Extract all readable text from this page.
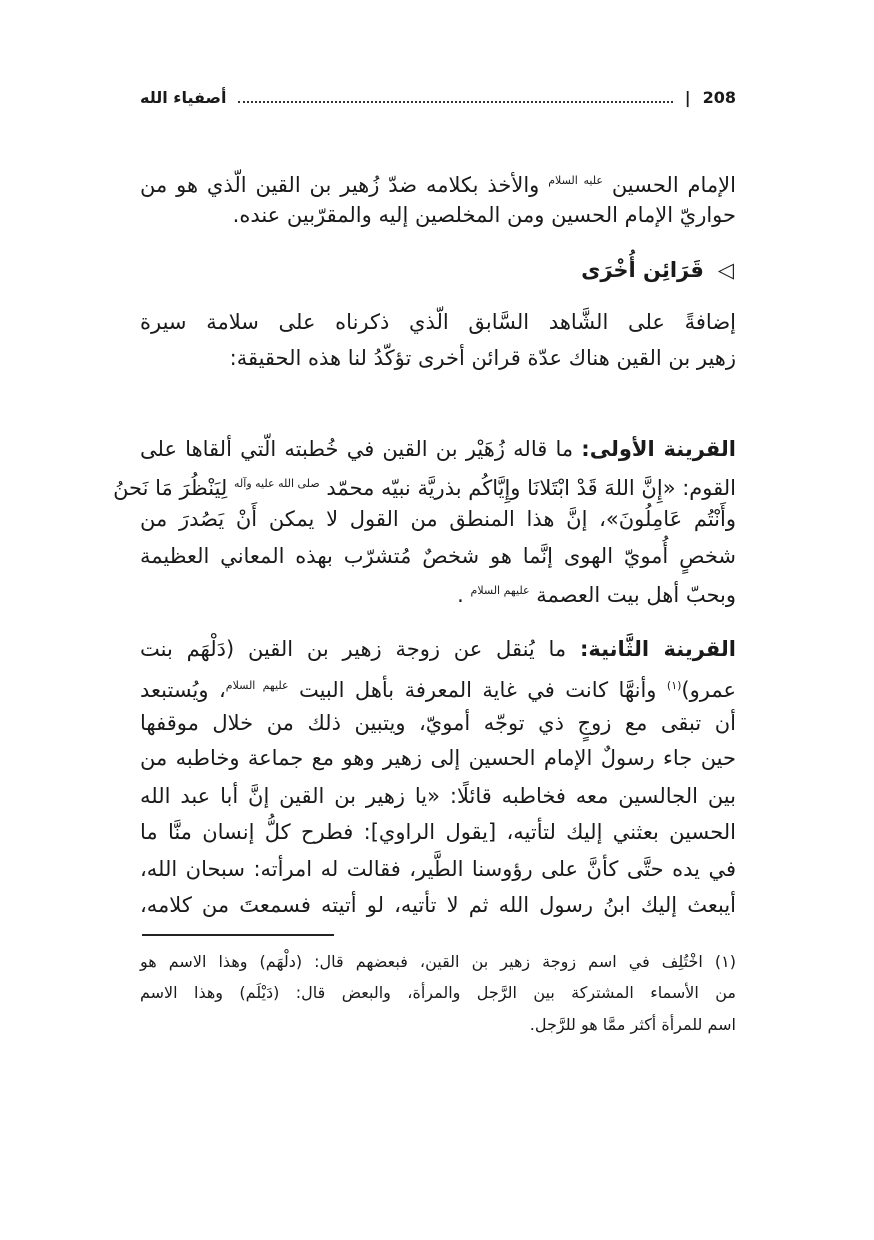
208
|
أصفياء الله
الإمام الحسين $^{عليه السلام}$ والأخذ بكلامه ضدّ زُهير بن القين الّذي هو من
حواريّ الإمام الحسين ومن المخلصين إليه والمقرّبين عنده.
◁قَرَائِن أُخْرَى
إضافةً على الشَّاهد السَّابق الّذي ذكرناه على سلامة سيرة
زهير بن القين هناك عدّة قرائن أخرى تؤكّدُ لنا هذه الحقيقة:
القرينة الأولى: ما قاله زُهَيْر بن القين في خُطبته الّتي ألقاها على
القوم: «إِنَّ اللهَ قَدْ ابْتَلانَا وإِيَّاكُم بذريَّة نبيّه محمّد $^{صلى الله عليه وآله}$ لِيَنْظُرَ مَا نَحنُ
وأَنْتُم عَامِلُونَ»، إنَّ هذا المنطق من القول لا يمكن أَنْ يَصُدرَ من
شخصٍ أُمويّ الهوى إنَّما هو شخصٌ مُتشرّب بهذه المعاني العظيمة
وبحبّ أهل بيت العصمة $^{عليهم السلام}$ .
القرينة الثَّانية: ما يُنقل عن زوجة زهير بن القين (دَلْهَم بنت
عمرو)$^{(١)}$ وأنهَّا كانت في غاية المعرفة بأهل البيت $^{عليهم السلام}$، ويُستبعد
أن تبقى مع زوجٍ ذي توجّه أمويّ، ويتبين ذلك من خلال موقفها
حين جاء رسولٌ الإمام الحسين إلى زهير وهو مع جماعة وخاطبه من
بين الجالسين معه فخاطبه قائلًا: «يا زهير بن القين إنَّ أبا عبد الله
الحسين بعثني إليك لتأتيه، [يقول الراوي]: فطرح كلُّ إنسان منَّا ما
في يده حتَّى كأنَّ على رؤوسنا الطَّير، فقالت له امرأته: سبحان الله،
أيبعث إليك ابنُ رسول الله ثم لا تأتيه، لو أتيته فسمعتَ من كلامه،
(١) اخْتُلِف في اسم زوجة زهير بن القين، فبعضهم قال: (دلْهَم) وهذا الاسم هو
من الأسماء المشتركة بين الرَّجل والمرأة، والبعض قال: (دَيْلَم) وهذا الاسم
اسم للمرأة أكثر ممَّا هو للرَّجل.
